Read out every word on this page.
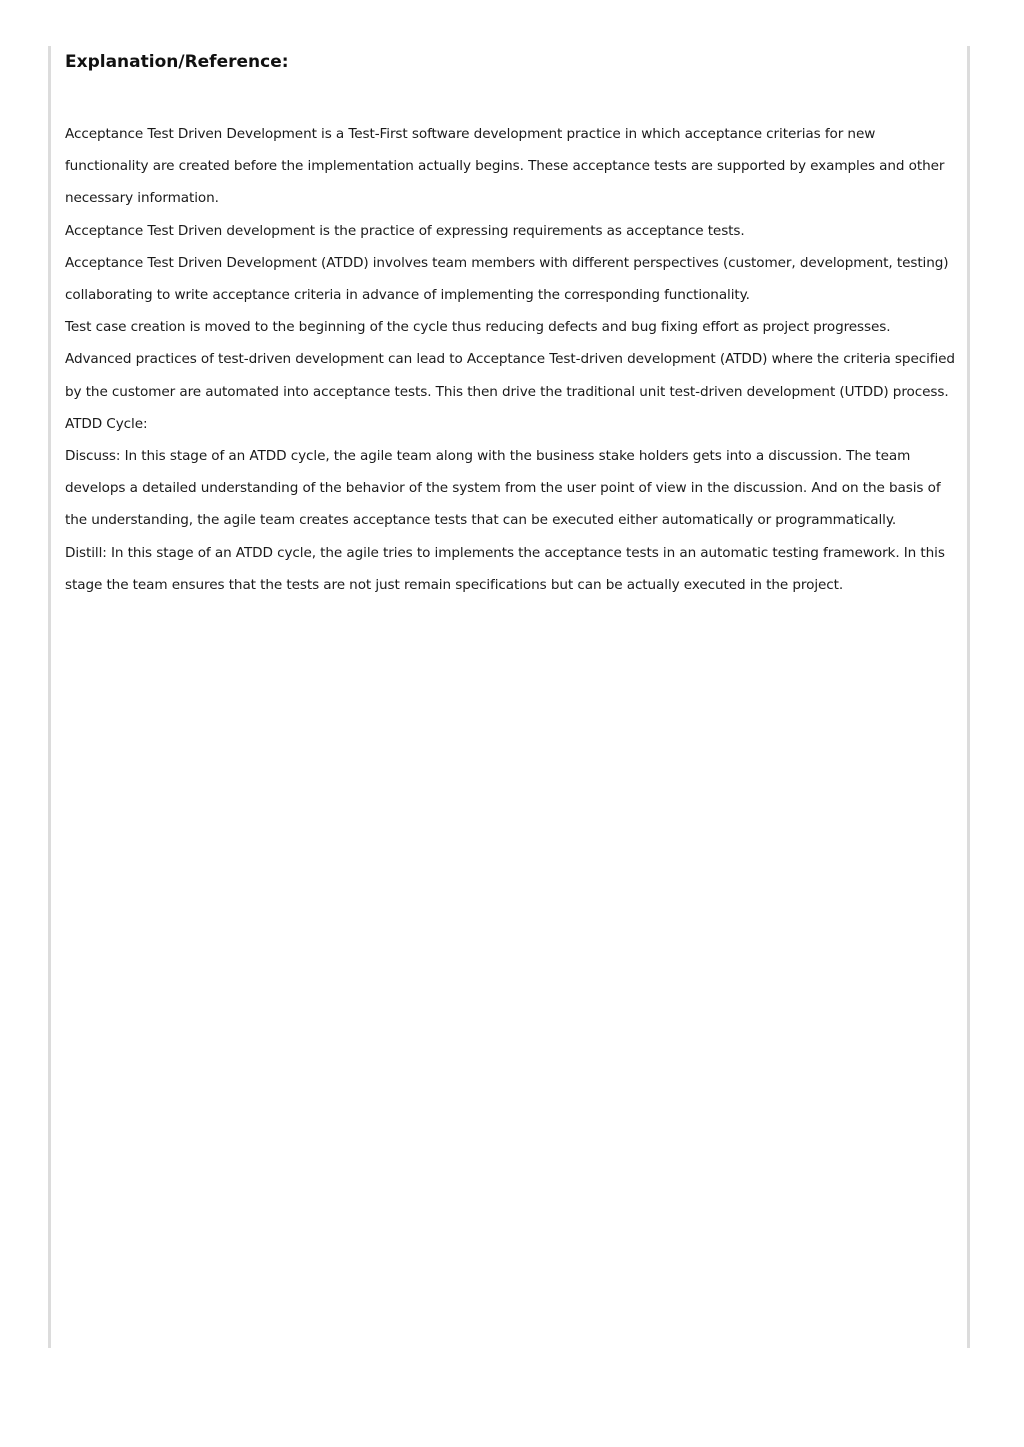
Explanation/Reference:

Acceptance Test Driven Development is a Test-First software development practice in which acceptance criterias for new functionality are created before the implementation actually begins. These acceptance tests are supported by examples and other necessary information.

Acceptance Test Driven development is the practice of expressing requirements as acceptance tests.

Acceptance Test Driven Development (ATDD) involves team members with different perspectives (customer, development, testing) collaborating to write acceptance criteria in advance of implementing the corresponding functionality.

Test case creation is moved to the beginning of the cycle thus reducing defects and bug fixing effort as project progresses.

Advanced practices of test-driven development can lead to Acceptance Test-driven development (ATDD) where the criteria specified by the customer are automated into acceptance tests. This then drive the traditional unit test-driven development (UTDD) process.

ATDD Cycle:

Discuss: In this stage of an ATDD cycle, the agile team along with the business stake holders gets into a discussion. The team develops a detailed understanding of the behavior of the system from the user point of view in the discussion. And on the basis of the understanding, the agile team creates acceptance tests that can be executed either automatically or programmatically.

Distill: In this stage of an ATDD cycle, the agile tries to implements the acceptance tests in an automatic testing framework. In this stage the team ensures that the tests are not just remain specifications but can be actually executed in the project.
